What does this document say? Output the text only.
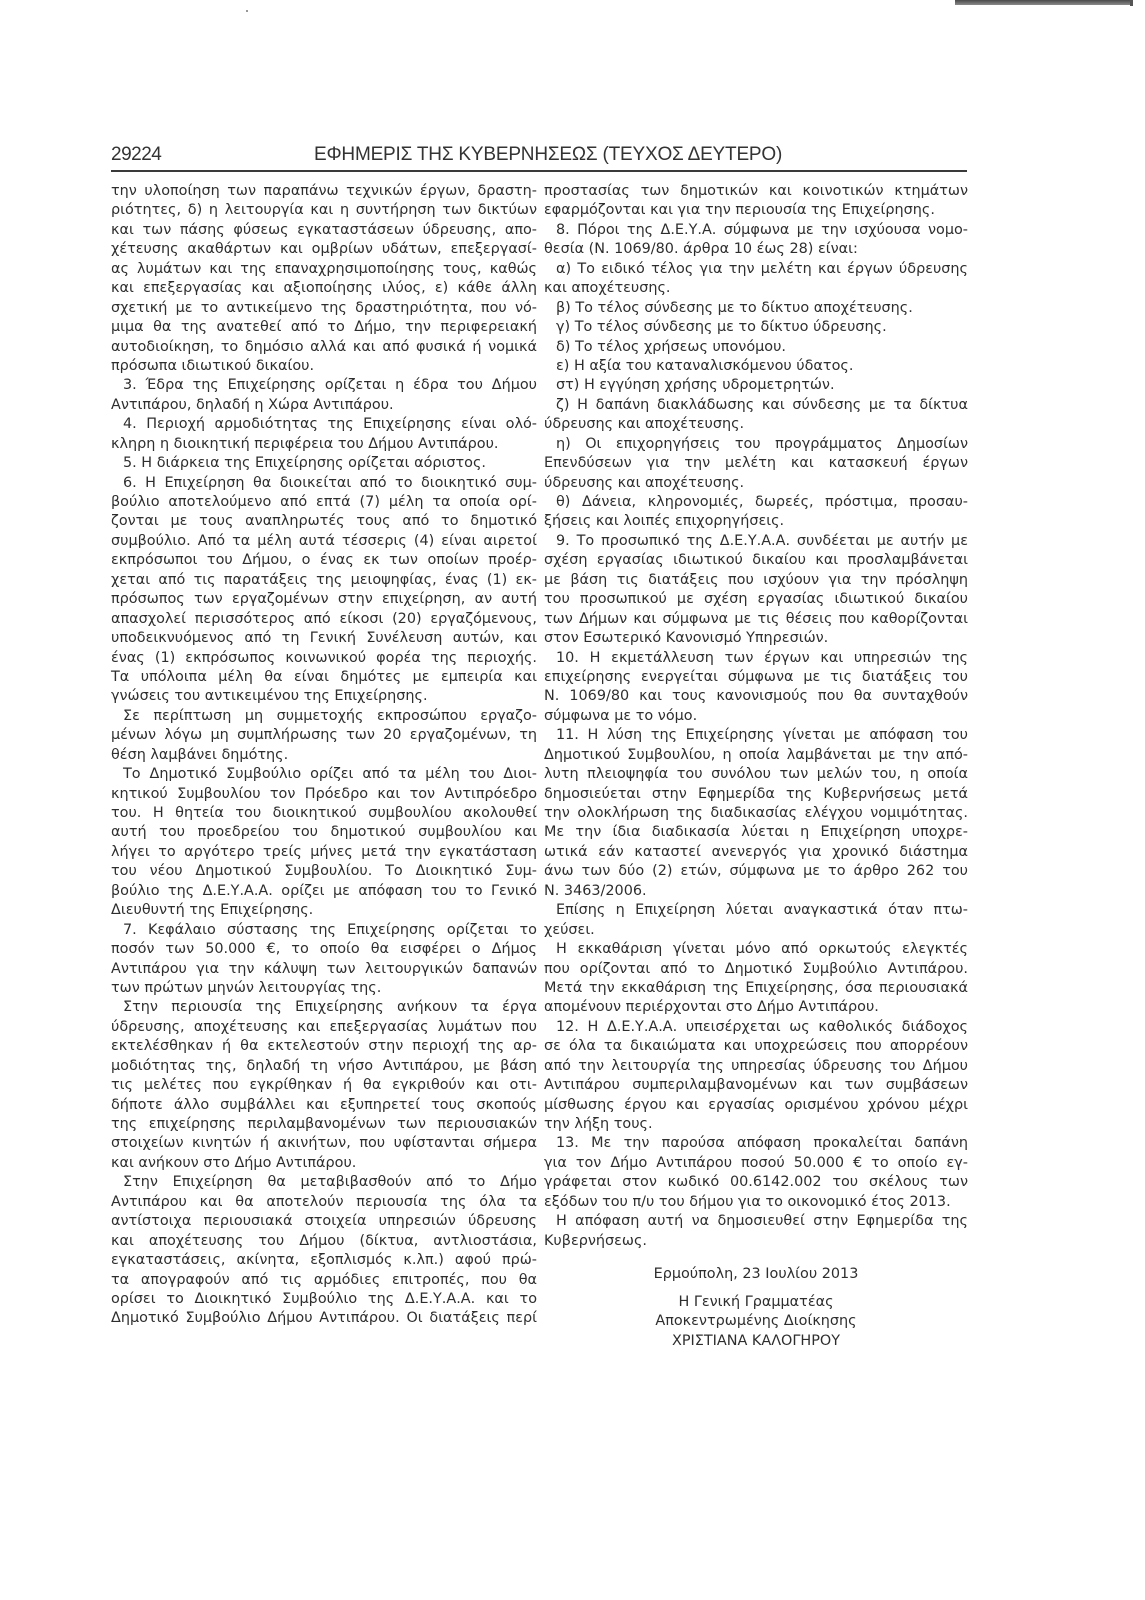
29224	ΕΦΗΜΕΡΙΣ ΤΗΣ ΚΥΒΕΡΝΗΣΕΩΣ (ΤΕΥΧΟΣ ΔΕΥΤΕΡΟ)
την υλοποίηση των παραπάνω τεχνικών έργων, δραστη-
ριότητες, δ) η λειτουργία και η συντήρηση των δικτύων
και των πάσης φύσεως εγκαταστάσεων ύδρευσης, απο-
χέτευσης ακαθάρτων και ομβρίων υδάτων, επεξεργασί-
ας λυμάτων και της επαναχρησιμοποίησης τους, καθώς
και επεξεργασίας και αξιοποίησης ιλύος, ε) κάθε άλλη
σχετική με το αντικείμενο της δραστηριότητα, που νό-
μιμα θα της ανατεθεί από το Δήμο, την περιφερειακή
αυτοδιοίκηση, το δημόσιο αλλά και από φυσικά ή νομικά
πρόσωπα ιδιωτικού δικαίου.
3. Έδρα της Επιχείρησης ορίζεται η έδρα του Δήμου
Αντιπάρου, δηλαδή η Χώρα Αντιπάρου.
4. Περιοχή αρμοδιότητας της Επιχείρησης είναι ολό-
κληρη η διοικητική περιφέρεια του Δήμου Αντιπάρου.
5. Η διάρκεια της Επιχείρησης ορίζεται αόριστος.
6. Η Επιχείρηση θα διοικείται από το διοικητικό συμ-
βούλιο αποτελούμενο από επτά (7) μέλη τα οποία ορί-
ζονται με τους αναπληρωτές τους από το δημοτικό
συμβούλιο. Από τα μέλη αυτά τέσσερις (4) είναι αιρετοί
εκπρόσωποι του Δήμου, ο ένας εκ των οποίων προέρ-
χεται από τις παρατάξεις της μειοψηφίας, ένας (1) εκ-
πρόσωπος των εργαζομένων στην επιχείρηση, αν αυτή
απασχολεί περισσότερος από είκοσι (20) εργαζόμενους,
υποδεικνυόμενος από τη Γενική Συνέλευση αυτών, και
ένας (1) εκπρόσωπος κοινωνικού φορέα της περιοχής.
Τα υπόλοιπα μέλη θα είναι δημότες με εμπειρία και
γνώσεις του αντικειμένου της Επιχείρησης.
Σε περίπτωση μη συμμετοχής εκπροσώπου εργαζο-
μένων λόγω μη συμπλήρωσης των 20 εργαζομένων, τη
θέση λαμβάνει δημότης.
Το Δημοτικό Συμβούλιο ορίζει από τα μέλη του Διοι-
κητικού Συμβουλίου τον Πρόεδρο και τον Αντιπρόεδρο
του. Η θητεία του διοικητικού συμβουλίου ακολουθεί
αυτή του προεδρείου του δημοτικού συμβουλίου και
λήγει το αργότερο τρείς μήνες μετά την εγκατάσταση
του νέου Δημοτικού Συμβουλίου. Το Διοικητικό Συμ-
βούλιο της Δ.Ε.Υ.Α.Α. ορίζει με απόφαση του το Γενικό
Διευθυντή της Επιχείρησης.
7. Κεφάλαιο σύστασης της Επιχείρησης ορίζεται το
ποσόν των 50.000 €, το οποίο θα εισφέρει ο Δήμος
Αντιπάρου για την κάλυψη των λειτουργικών δαπανών
των πρώτων μηνών λειτουργίας της.
Στην περιουσία της Επιχείρησης ανήκουν τα έργα
ύδρευσης, αποχέτευσης και επεξεργασίας λυμάτων που
εκτελέσθηκαν ή θα εκτελεστούν στην περιοχή της αρ-
μοδιότητας της, δηλαδή τη νήσο Αντιπάρου, με βάση
τις μελέτες που εγκρίθηκαν ή θα εγκριθούν και οτι-
δήποτε άλλο συμβάλλει και εξυπηρετεί τους σκοπούς
της επιχείρησης περιλαμβανομένων των περιουσιακών
στοιχείων κινητών ή ακινήτων, που υφίστανται σήμερα
και ανήκουν στο Δήμο Αντιπάρου.
Στην Επιχείρηση θα μεταβιβασθούν από το Δήμο
Αντιπάρου και θα αποτελούν περιουσία της όλα τα
αντίστοιχα περιουσιακά στοιχεία υπηρεσιών ύδρευσης
και αποχέτευσης του Δήμου (δίκτυα, αντλιοστάσια,
εγκαταστάσεις, ακίνητα, εξοπλισμός κ.λπ.) αφού πρώ-
τα απογραφούν από τις αρμόδιες επιτροπές, που θα
ορίσει το Διοικητικό Συμβούλιο της Δ.Ε.Υ.Α.Α. και το
Δημοτικό Συμβούλιο Δήμου Αντιπάρου. Οι διατάξεις περί
προστασίας των δημοτικών και κοινοτικών κτημάτων
εφαρμόζονται και για την περιουσία της Επιχείρησης.
8. Πόροι της Δ.Ε.Υ.Α. σύμφωνα με την ισχύουσα νομο-
θεσία (Ν. 1069/80. άρθρα 10 έως 28) είναι:
α) Το ειδικό τέλος για την μελέτη και έργων ύδρευσης
και αποχέτευσης.
β) Το τέλος σύνδεσης με το δίκτυο αποχέτευσης.
γ) Το τέλος σύνδεσης με το δίκτυο ύδρευσης.
δ) Το τέλος χρήσεως υπονόμου.
ε) Η αξία του καταναλισκόμενου ύδατος.
στ) Η εγγύηση χρήσης υδρομετρητών.
ζ) Η δαπάνη διακλάδωσης και σύνδεσης με τα δίκτυα
ύδρευσης και αποχέτευσης.
η) Οι επιχορηγήσεις του προγράμματος Δημοσίων
Επενδύσεων για την μελέτη και κατασκευή έργων
ύδρευσης και αποχέτευσης.
θ) Δάνεια, κληρονομιές, δωρεές, πρόστιμα, προσαυ-
ξήσεις και λοιπές επιχορηγήσεις.
9. Το προσωπικό της Δ.Ε.Υ.Α.Α. συνδέεται με αυτήν με
σχέση εργασίας ιδιωτικού δικαίου και προσλαμβάνεται
με βάση τις διατάξεις που ισχύουν για την πρόσληψη
του προσωπικού με σχέση εργασίας ιδιωτικού δικαίου
των Δήμων και σύμφωνα με τις θέσεις που καθορίζονται
στον Εσωτερικό Κανονισμό Υπηρεσιών.
10. Η εκμετάλλευση των έργων και υπηρεσιών της
επιχείρησης ενεργείται σύμφωνα με τις διατάξεις του
Ν. 1069/80 και τους κανονισμούς που θα συνταχθούν
σύμφωνα με το νόμο.
11. Η λύση της Επιχείρησης γίνεται με απόφαση του
Δημοτικού Συμβουλίου, η οποία λαμβάνεται με την από-
λυτη πλειοψηφία του συνόλου των μελών του, η οποία
δημοσιεύεται στην Εφημερίδα της Κυβερνήσεως μετά
την ολοκλήρωση της διαδικασίας ελέγχου νομιμότητας.
Με την ίδια διαδικασία λύεται η Επιχείρηση υποχρε-
ωτικά εάν καταστεί ανενεργός για χρονικό διάστημα
άνω των δύο (2) ετών, σύμφωνα με το άρθρο 262 του
Ν. 3463/2006.
Επίσης η Επιχείρηση λύεται αναγκαστικά όταν πτω-
χεύσει.
Η εκκαθάριση γίνεται μόνο από ορκωτούς ελεγκτές
που ορίζονται από το Δημοτικό Συμβούλιο Αντιπάρου.
Μετά την εκκαθάριση της Επιχείρησης, όσα περιουσιακά
απομένουν περιέρχονται στο Δήμο Αντιπάρου.
12. Η Δ.Ε.Υ.Α.Α. υπεισέρχεται ως καθολικός διάδοχος
σε όλα τα δικαιώματα και υποχρεώσεις που απορρέουν
από την λειτουργία της υπηρεσίας ύδρευσης του Δήμου
Αντιπάρου συμπεριλαμβανομένων και των συμβάσεων
μίσθωσης έργου και εργασίας ορισμένου χρόνου μέχρι
την λήξη τους.
13. Με την παρούσα απόφαση προκαλείται δαπάνη
για τον Δήμο Αντιπάρου ποσού 50.000 € το οποίο εγ-
γράφεται στον κωδικό 00.6142.002 του σκέλους των
εξόδων του π/υ του δήμου για το οικονομικό έτος 2013.
Η απόφαση αυτή να δημοσιευθεί στην Εφημερίδα της
Κυβερνήσεως.
Ερμούπολη, 23 Ιουλίου 2013
Η Γενική Γραμματέας
Αποκεντρωμένης Διοίκησης
ΧΡΙΣΤΙΑΝΑ ΚΑΛΟΓΗΡΟΥ
